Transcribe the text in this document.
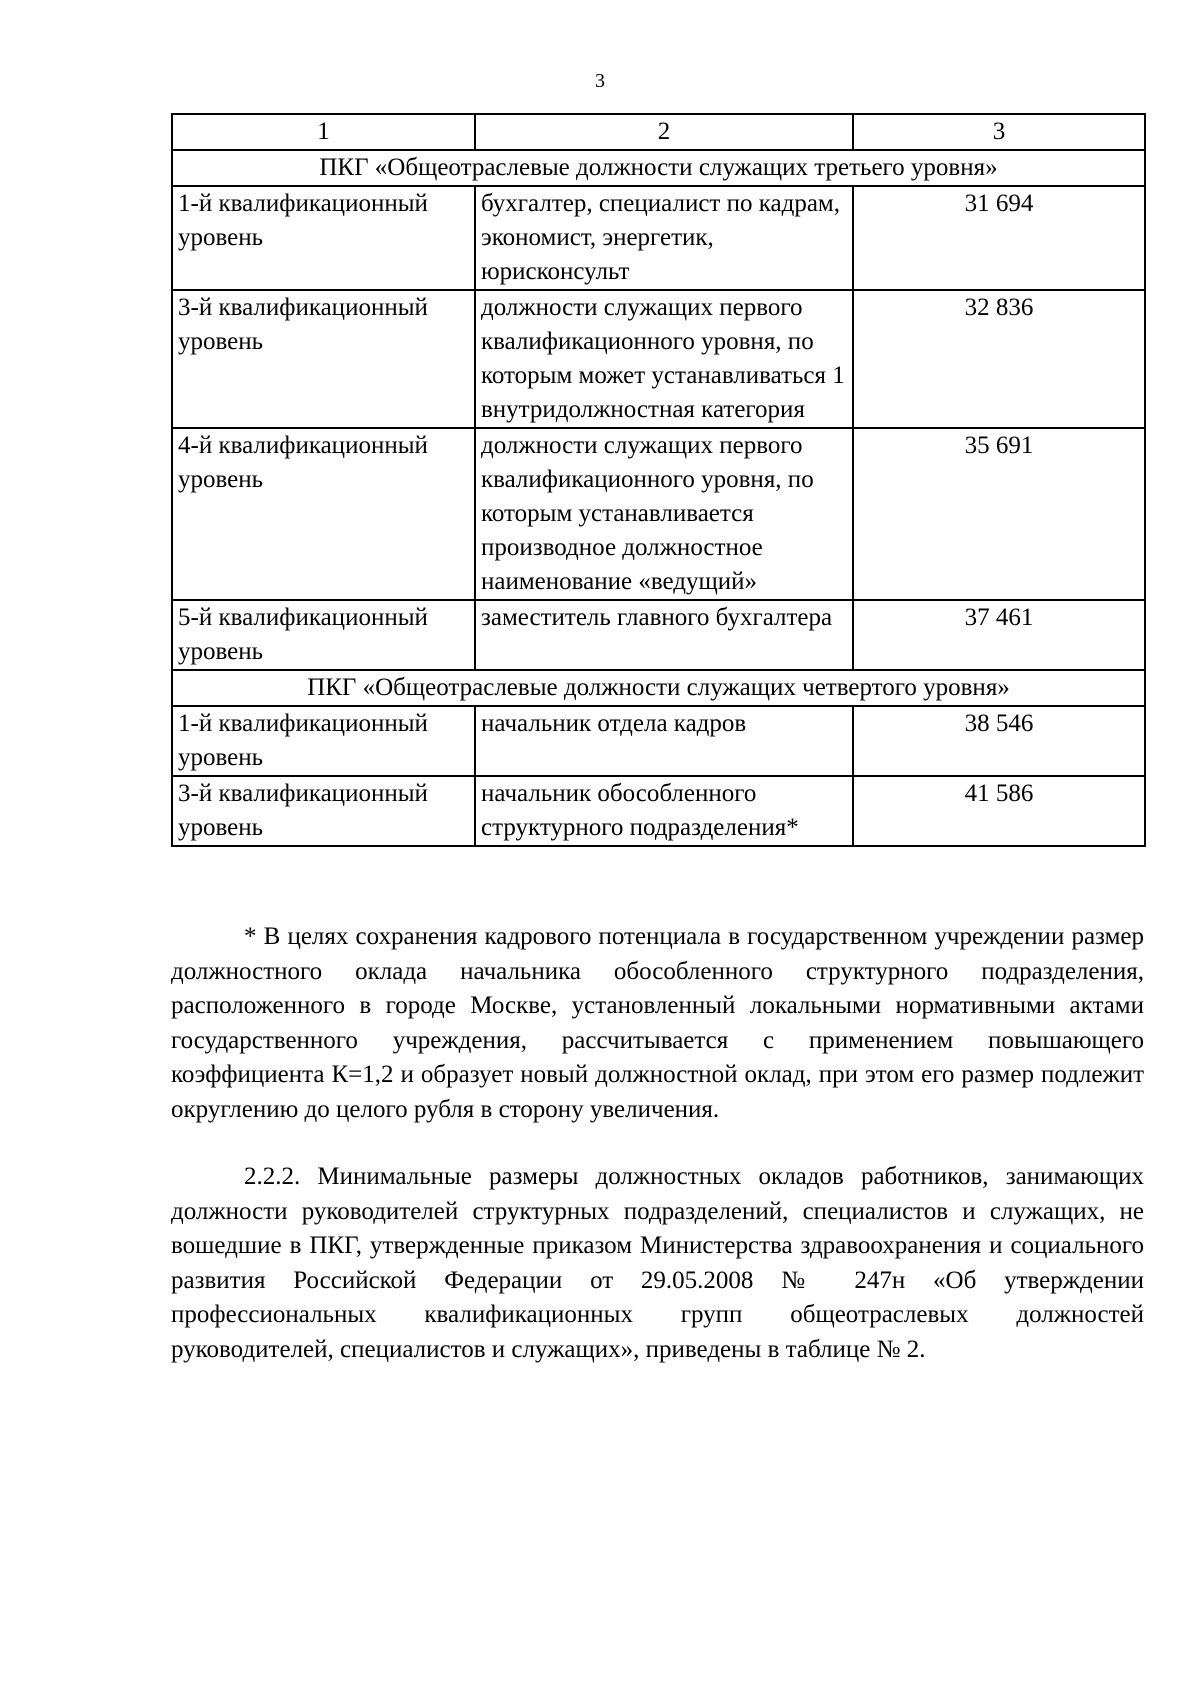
3
1	2	3
ПКГ «Общеотраслевые должности служащих третьего уровня»		
1-й квалификационный уровень	бухгалтер, специалист по кадрам, экономист, энергетик, юрисконсульт	31 694
3-й квалификационный уровень	должности служащих первого квалификационного уровня, по которым может устанавливаться 1 внутридолжностная категория	32 836
4-й квалификационный уровень	должности служащих первого квалификационного уровня, по которым устанавливается производное должностное наименование «ведущий»	35 691
5-й квалификационный уровень	заместитель главного бухгалтера	37 461
ПКГ «Общеотраслевые должности служащих четвертого уровня»		
1-й квалификационный уровень	начальник отдела кадров	38 546
3-й квалификационный уровень	начальник обособленного структурного подразделения*	41 586

* В целях сохранения кадрового потенциала в государственном учреждении размер должностного оклада начальника обособленного структурного подразделения, расположенного в городе Москве, установленный локальными нормативными актами государственного учреждения, рассчитывается с применением повышающего коэффициента К=1,2 и образует новый должностной оклад, при этом его размер подлежит округлению до целого рубля в сторону увеличения.

2.2.2. Минимальные размеры должностных окладов работников, занимающих должности руководителей структурных подразделений, специалистов и служащих, не вошедшие в ПКГ, утвержденные приказом Министерства здравоохранения и социального развития Российской Федерации от 29.05.2008 № 247н «Об утверждении профессиональных квалификационных групп общеотраслевых должностей руководителей, специалистов и служащих», приведены в таблице № 2.
